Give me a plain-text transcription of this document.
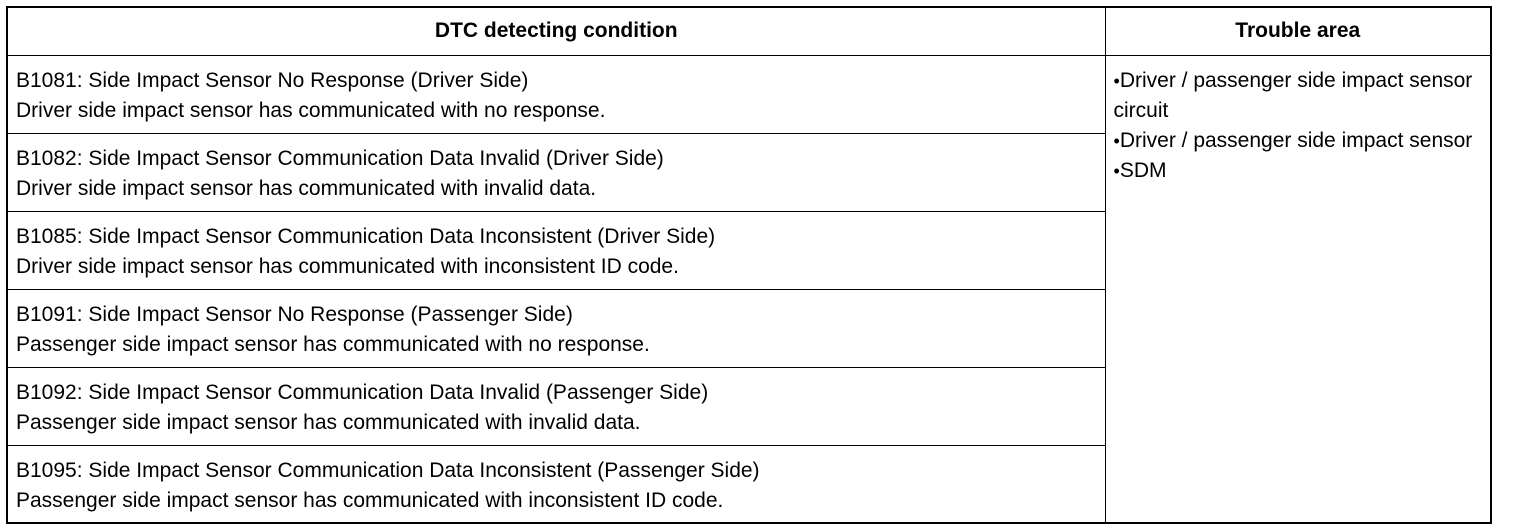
DTC detecting condition	Trouble area

B1081: Side Impact Sensor No Response (Driver Side)
Driver side impact sensor has communicated with no response.	•Driver / passenger side impact sensor circuit
•Driver / passenger side impact sensor
•SDM

B1082: Side Impact Sensor Communication Data Invalid (Driver Side)
Driver side impact sensor has communicated with invalid data.	

B1085: Side Impact Sensor Communication Data Inconsistent (Driver Side)
Driver side impact sensor has communicated with inconsistent ID code.	

B1091: Side Impact Sensor No Response (Passenger Side)
Passenger side impact sensor has communicated with no response.	

B1092: Side Impact Sensor Communication Data Invalid (Passenger Side)
Passenger side impact sensor has communicated with invalid data.	

B1095: Side Impact Sensor Communication Data Inconsistent (Passenger Side)
Passenger side impact sensor has communicated with inconsistent ID code.	
